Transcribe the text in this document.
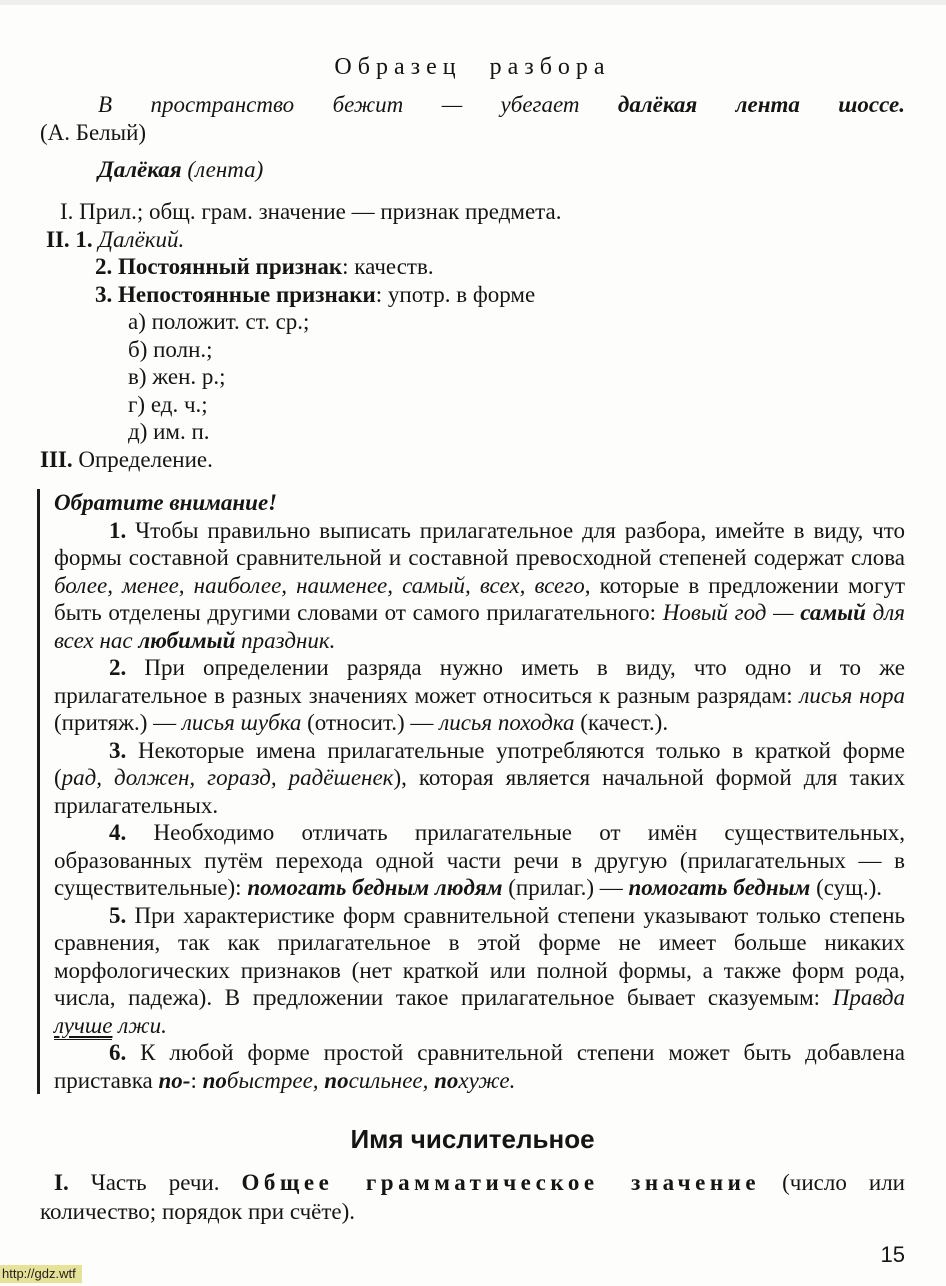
Образец разбора

В пространство бежит — убегает далёкая лента шоссе.

(А. Белый)

Далёкая (лента)

I. Прил.; общ. грам. значение — признак предмета.

II. 1. Далёкий.

2. Постоянный признак: качеств.

3. Непостоянные признаки: употр. в форме

а) положит. ст. ср.;

б) полн.;

в) жен. р.;

г) ед. ч.;

д) им. п.

III. Определение.

Обратите внимание!

1. Чтобы правильно выписать прилагательное для разбора, имейте в виду, что формы составной сравнительной и составной превосходной степеней содержат слова более, менее, наиболее, наименее, самый, всех, всего, которые в предложении могут быть отделены другими словами от самого прилагательного: Новый год — самый для всех нас любимый праздник.

2. При определении разряда нужно иметь в виду, что одно и то же прилагательное в разных значениях может относиться к разным разрядам: лисья нора (притяж.) — лисья шубка (относит.) — лисья походка (качест.).

3. Некоторые имена прилагательные употребляются только в краткой форме (рад, должен, горазд, радёшенек), которая является начальной формой для таких прилагательных.

4. Необходимо отличать прилагательные от имён существительных, образованных путём перехода одной части речи в другую (прилагательных — в существительные): помогать бедным людям (прилаг.) — помогать бедным (сущ.).

5. При характеристике форм сравнительной степени указывают только степень сравнения, так как прилагательное в этой форме не имеет больше никаких морфологических признаков (нет краткой или полной формы, а также форм рода, числа, падежа). В предложении такое прилагательное бывает сказуемым: Правда лучше лжи.

6. К любой форме простой сравнительной степени может быть добавлена приставка по-: побыстрее, посильнее, похуже.

Имя числительное

I. Часть речи. Общее грамматическое значение (число или количество; порядок при счёте).

15

http://gdz.wtf
